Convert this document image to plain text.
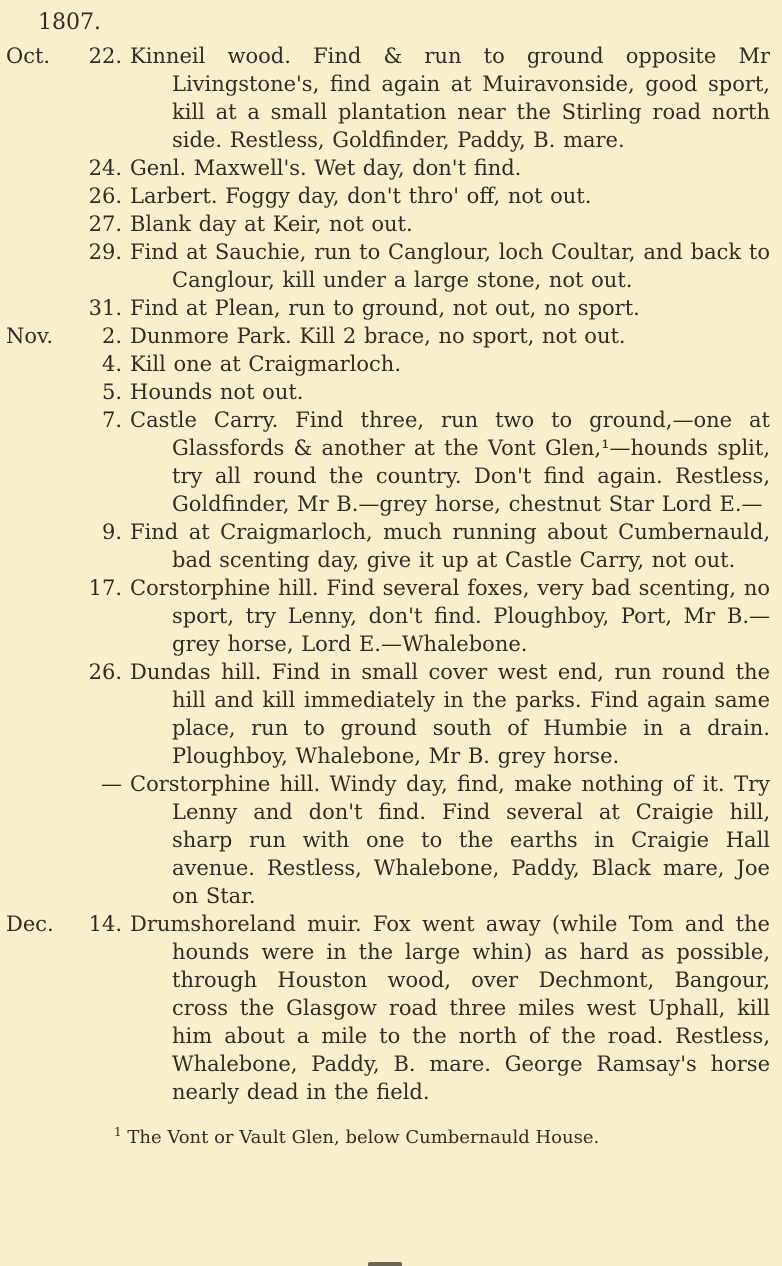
1807.
Oct.	22. Kinneil wood. Find & run to ground opposite Mr Livingstone's, find again at Muiravonside, good sport, kill at a small plantation near the Stirling road north side. Restless, Goldfinder, Paddy, B. mare.
24. Genl. Maxwell's. Wet day, don't find.
26. Larbert. Foggy day, don't thro' off, not out.
27. Blank day at Keir, not out.
29. Find at Sauchie, run to Canglour, loch Coultar, and back to Canglour, kill under a large stone, not out.
31. Find at Plean, run to ground, not out, no sport.
Nov.	2. Dunmore Park. Kill 2 brace, no sport, not out.
4. Kill one at Craigmarloch.
5. Hounds not out.
7. Castle Carry. Find three, run two to ground,—one at Glassfords & another at the Vont Glen,¹—hounds split, try all round the country. Don't find again. Restless, Goldfinder, Mr B.—grey horse, chestnut Star Lord E.—
9. Find at Craigmarloch, much running about Cumbernauld, bad scenting day, give it up at Castle Carry, not out.
17. Corstorphine hill. Find several foxes, very bad scenting, no sport, try Lenny, don't find. Ploughboy, Port, Mr B.—grey horse, Lord E.—Whalebone.
26. Dundas hill. Find in small cover west end, run round the hill and kill immediately in the parks. Find again same place, run to ground south of Humbie in a drain. Ploughboy, Whalebone, Mr B. grey horse.
— Corstorphine hill. Windy day, find, make nothing of it. Try Lenny and don't find. Find several at Craigie hill, sharp run with one to the earths in Craigie Hall avenue. Restless, Whalebone, Paddy, Black mare, Joe on Star.
Dec.	14. Drumshoreland muir. Fox went away (while Tom and the hounds were in the large whin) as hard as possible, through Houston wood, over Dechmont, Bangour, cross the Glasgow road three miles west Uphall, kill him about a mile to the north of the road. Restless, Whalebone, Paddy, B. mare. George Ramsay's horse nearly dead in the field.
$^1$ The Vont or Vault Glen, below Cumbernauld House.
